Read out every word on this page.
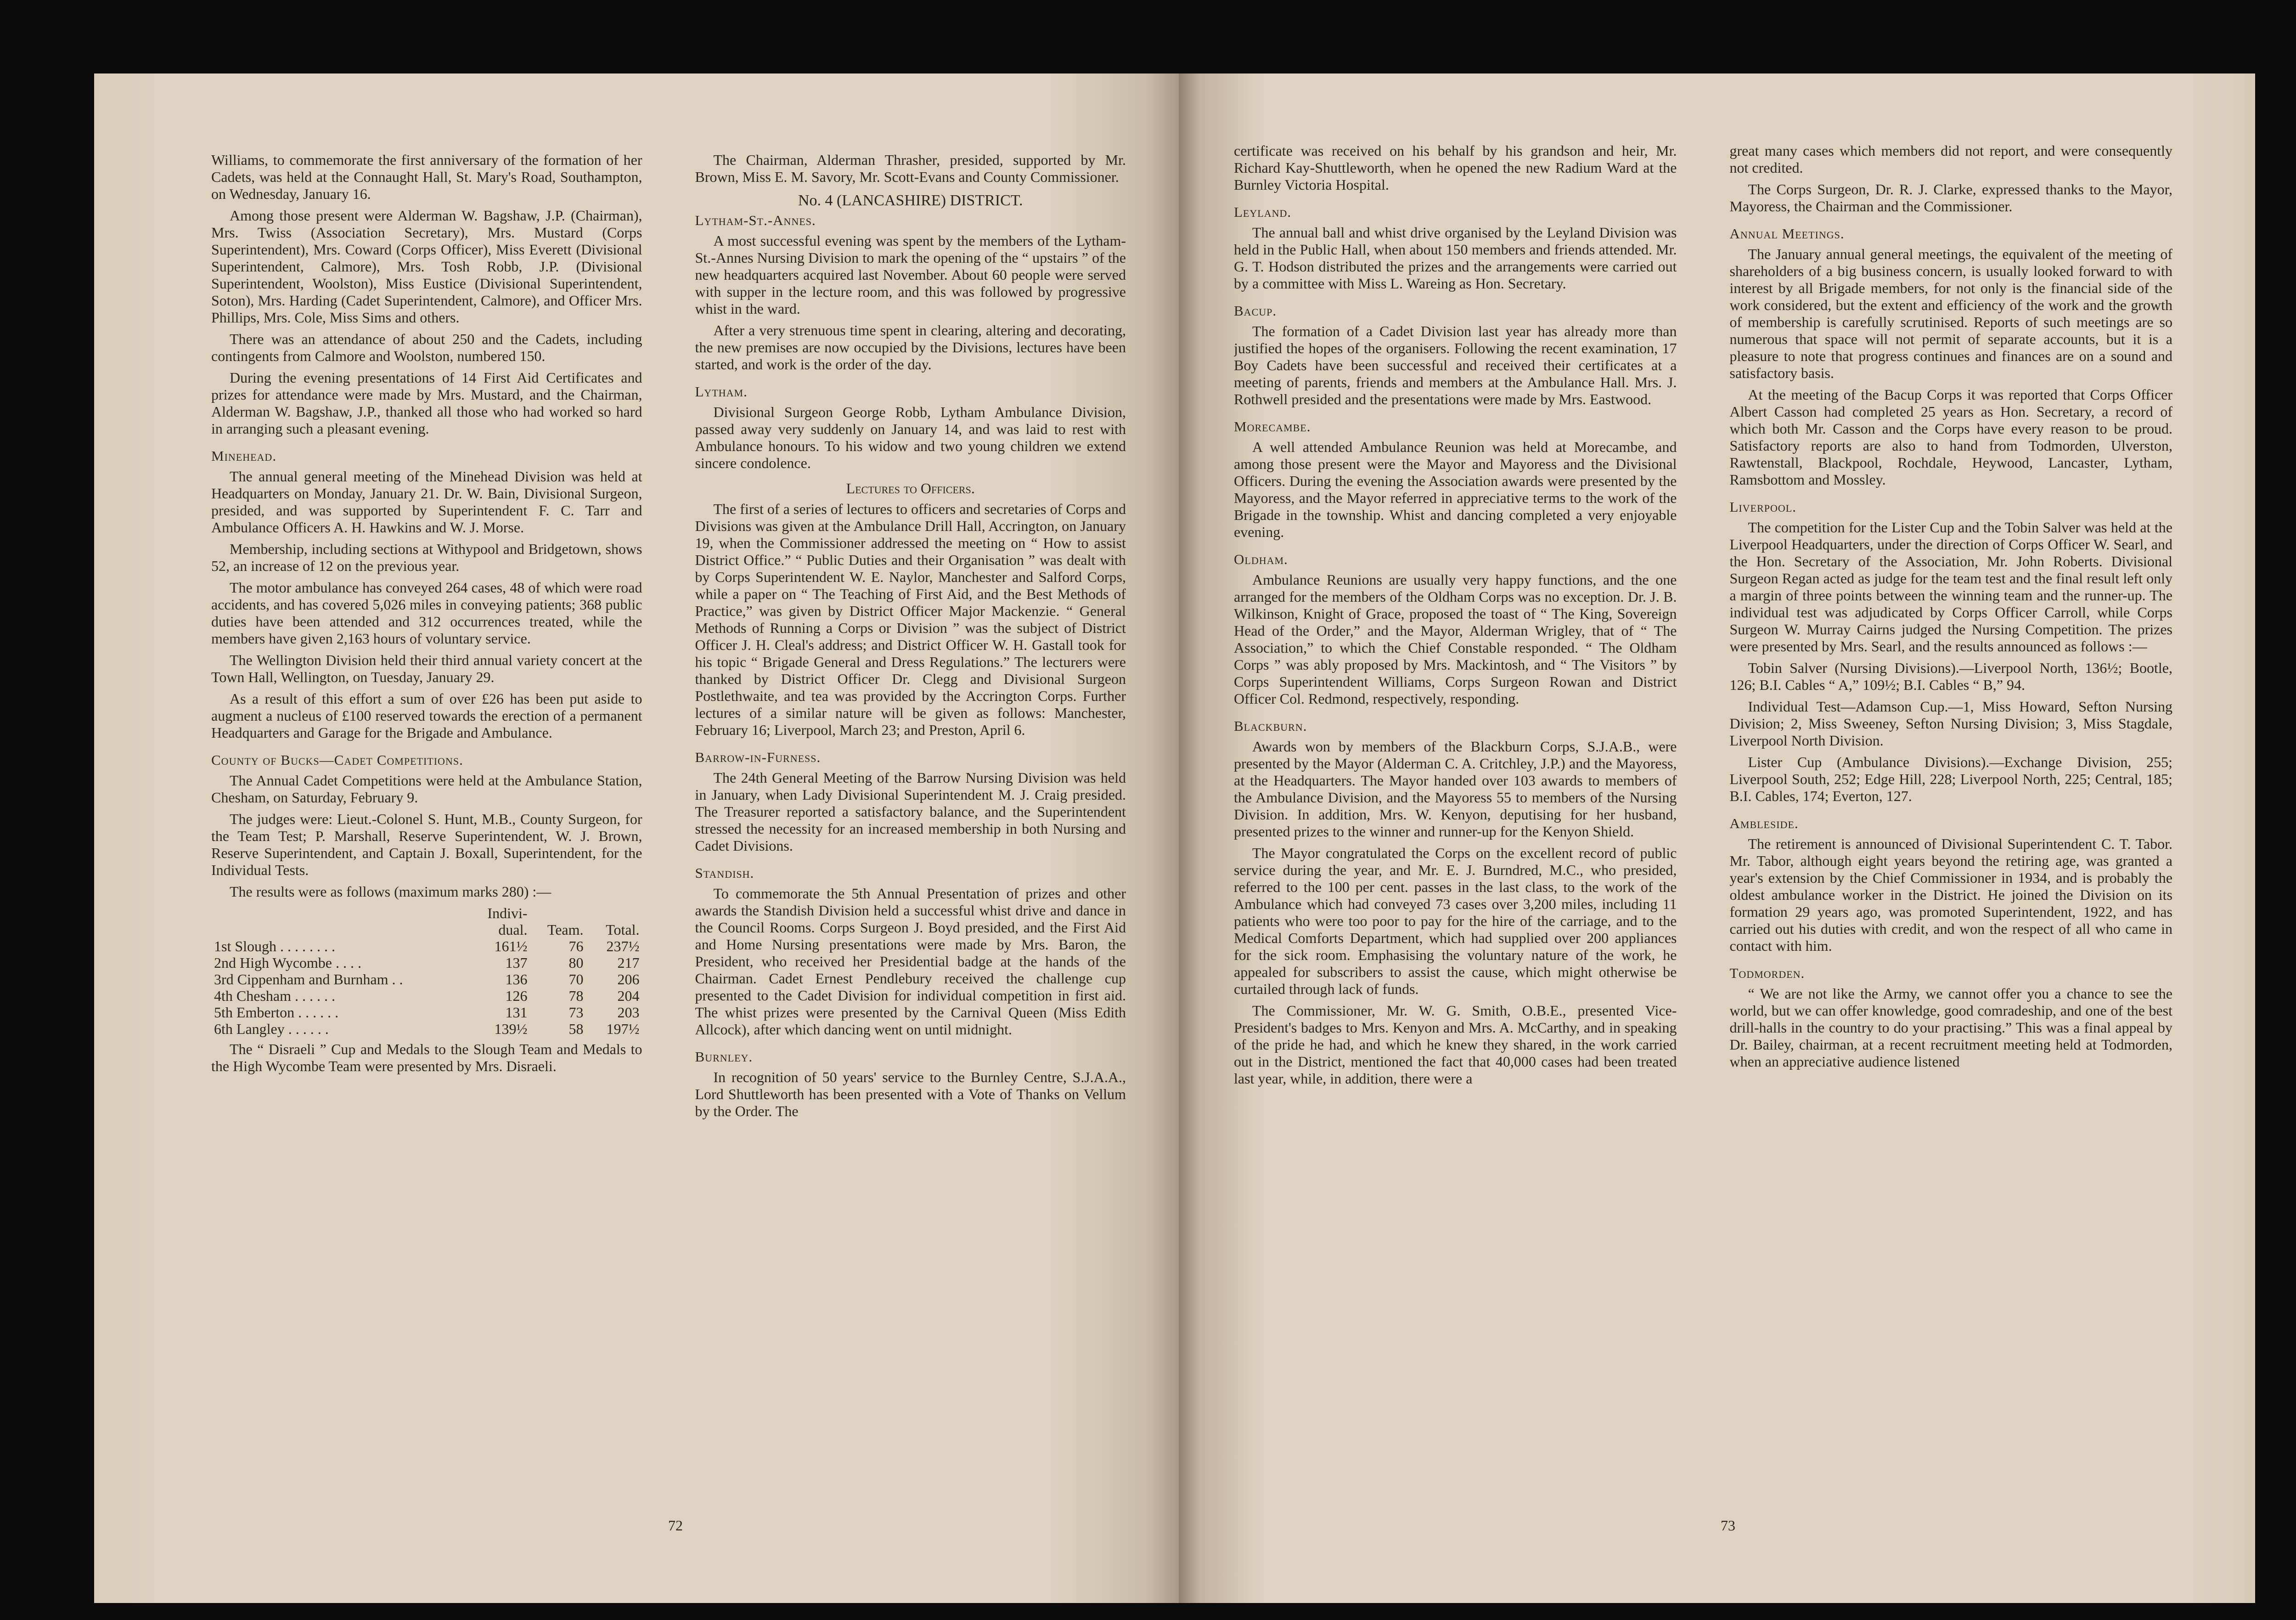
Williams, to commemorate the first anniversary of the formation of her Cadets, was held at the Connaught Hall, St. Mary's Road, Southampton, on Wednesday, January 16.

Among those present were Alderman W. Bagshaw, J.P. (Chairman), Mrs. Twiss (Association Secretary), Mrs. Mustard (Corps Superintendent), Mrs. Coward (Corps Officer), Miss Everett (Divisional Superintendent, Calmore), Mrs. Tosh Robb, J.P. (Divisional Superintendent, Woolston), Miss Eustice (Divisional Superintendent, Soton), Mrs. Harding (Cadet Superintendent, Calmore), and Officer Mrs. Phillips, Mrs. Cole, Miss Sims and others.

There was an attendance of about 250 and the Cadets, including contingents from Calmore and Woolston, numbered 150.

During the evening presentations of 14 First Aid Certificates and prizes for attendance were made by Mrs. Mustard, and the Chairman, Alderman W. Bagshaw, J.P., thanked all those who had worked so hard in arranging such a pleasant evening.

Minehead.

The annual general meeting of the Minehead Division was held at Headquarters on Monday, January 21. Dr. W. Bain, Divisional Surgeon, presided, and was supported by Superintendent F. C. Tarr and Ambulance Officers A. H. Hawkins and W. J. Morse.

Membership, including sections at Withypool and Bridgetown, shows 52, an increase of 12 on the previous year.

The motor ambulance has conveyed 264 cases, 48 of which were road accidents, and has covered 5,026 miles in conveying patients; 368 public duties have been attended and 312 occurrences treated, while the members have given 2,163 hours of voluntary service.

The Wellington Division held their third annual variety concert at the Town Hall, Wellington, on Tuesday, January 29.

As a result of this effort a sum of over £26 has been put aside to augment a nucleus of £100 reserved towards the erection of a permanent Headquarters and Garage for the Brigade and Ambulance.

County of Bucks—Cadet Competitions.

The Annual Cadet Competitions were held at the Ambulance Station, Chesham, on Saturday, February 9.

The judges were: Lieut.-Colonel S. Hunt, M.B., County Surgeon, for the Team Test; P. Marshall, Reserve Superintendent, W. J. Brown, Reserve Superintendent, and Captain J. Boxall, Superintendent, for the Individual Tests.

The results were as follows (maximum marks 280) :—

	Indivi-		
	dual.	Team.	Total.
1st Slough . . . . . . . .	161½	76	237½
2nd High Wycombe . . . .	137	80	217
3rd Cippenham and Burnham . .	136	70	206
4th Chesham . . . . . .	126	78	204
5th Emberton . . . . . .	131	73	203
6th Langley . . . . . .	139½	58	197½

The “ Disraeli ” Cup and Medals to the Slough Team and Medals to the High Wycombe Team were presented by Mrs. Disraeli.

The Chairman, Alderman Thrasher, presided, supported by Mr. Brown, Miss E. M. Savory, Mr. Scott-Evans and County Commissioner.

No. 4 (LANCASHIRE) DISTRICT.
Lytham-St.-Annes.

A most successful evening was spent by the members of the Lytham-St.-Annes Nursing Division to mark the opening of the “ upstairs ” of the new headquarters acquired last November. About 60 people were served with supper in the lecture room, and this was followed by progressive whist in the ward.

After a very strenuous time spent in clearing, altering and decorating, the new premises are now occupied by the Divisions, lectures have been started, and work is the order of the day.

Lytham.

Divisional Surgeon George Robb, Lytham Ambulance Division, passed away very suddenly on January 14, and was laid to rest with Ambulance honours. To his widow and two young children we extend sincere condolence.

Lectures to Officers.

The first of a series of lectures to officers and secretaries of Corps and Divisions was given at the Ambulance Drill Hall, Accrington, on January 19, when the Commissioner addressed the meeting on “ How to assist District Office.” “ Public Duties and their Organisation ” was dealt with by Corps Superintendent W. E. Naylor, Manchester and Salford Corps, while a paper on “ The Teaching of First Aid, and the Best Methods of Practice,” was given by District Officer Major Mackenzie. “ General Methods of Running a Corps or Division ” was the subject of District Officer J. H. Cleal's address; and District Officer W. H. Gastall took for his topic “ Brigade General and Dress Regulations.” The lecturers were thanked by District Officer Dr. Clegg and Divisional Surgeon Postlethwaite, and tea was provided by the Accrington Corps. Further lectures of a similar nature will be given as follows: Manchester, February 16; Liverpool, March 23; and Preston, April 6.

Barrow-in-Furness.

The 24th General Meeting of the Barrow Nursing Division was held in January, when Lady Divisional Superintendent M. J. Craig presided. The Treasurer reported a satisfactory balance, and the Superintendent stressed the necessity for an increased membership in both Nursing and Cadet Divisions.

Standish.

To commemorate the 5th Annual Presentation of prizes and other awards the Standish Division held a successful whist drive and dance in the Council Rooms. Corps Surgeon J. Boyd presided, and the First Aid and Home Nursing presentations were made by Mrs. Baron, the President, who received her Presidential badge at the hands of the Chairman. Cadet Ernest Pendlebury received the challenge cup presented to the Cadet Division for individual competition in first aid. The whist prizes were presented by the Carnival Queen (Miss Edith Allcock), after which dancing went on until midnight.

Burnley.

In recognition of 50 years' service to the Burnley Centre, S.J.A.A., Lord Shuttleworth has been presented with a Vote of Thanks on Vellum by the Order. The

72

certificate was received on his behalf by his grandson and heir, Mr. Richard Kay-Shuttleworth, when he opened the new Radium Ward at the Burnley Victoria Hospital.

Leyland.

The annual ball and whist drive organised by the Leyland Division was held in the Public Hall, when about 150 members and friends attended. Mr. G. T. Hodson distributed the prizes and the arrangements were carried out by a committee with Miss L. Wareing as Hon. Secretary.

Bacup.

The formation of a Cadet Division last year has already more than justified the hopes of the organisers. Following the recent examination, 17 Boy Cadets have been successful and received their certificates at a meeting of parents, friends and members at the Ambulance Hall. Mrs. J. Rothwell presided and the presentations were made by Mrs. Eastwood.

Morecambe.

A well attended Ambulance Reunion was held at Morecambe, and among those present were the Mayor and Mayoress and the Divisional Officers. During the evening the Association awards were presented by the Mayoress, and the Mayor referred in appreciative terms to the work of the Brigade in the township. Whist and dancing completed a very enjoyable evening.

Oldham.

Ambulance Reunions are usually very happy functions, and the one arranged for the members of the Oldham Corps was no exception. Dr. J. B. Wilkinson, Knight of Grace, proposed the toast of “ The King, Sovereign Head of the Order,” and the Mayor, Alderman Wrigley, that of “ The Association,” to which the Chief Constable responded. “ The Oldham Corps ” was ably proposed by Mrs. Mackintosh, and “ The Visitors ” by Corps Superintendent Williams, Corps Surgeon Rowan and District Officer Col. Redmond, respectively, responding.

Blackburn.

Awards won by members of the Blackburn Corps, S.J.A.B., were presented by the Mayor (Alderman C. A. Critchley, J.P.) and the Mayoress, at the Headquarters. The Mayor handed over 103 awards to members of the Ambulance Division, and the Mayoress 55 to members of the Nursing Division. In addition, Mrs. W. Kenyon, deputising for her husband, presented prizes to the winner and runner-up for the Kenyon Shield.

The Mayor congratulated the Corps on the excellent record of public service during the year, and Mr. E. J. Burndred, M.C., who presided, referred to the 100 per cent. passes in the last class, to the work of the Ambulance which had conveyed 73 cases over 3,200 miles, including 11 patients who were too poor to pay for the hire of the carriage, and to the Medical Comforts Department, which had supplied over 200 appliances for the sick room. Emphasising the voluntary nature of the work, he appealed for subscribers to assist the cause, which might otherwise be curtailed through lack of funds.

The Commissioner, Mr. W. G. Smith, O.B.E., presented Vice-President's badges to Mrs. Kenyon and Mrs. A. McCarthy, and in speaking of the pride he had, and which he knew they shared, in the work carried out in the District, mentioned the fact that 40,000 cases had been treated last year, while, in addition, there were a

great many cases which members did not report, and were consequently not credited.

The Corps Surgeon, Dr. R. J. Clarke, expressed thanks to the Mayor, Mayoress, the Chairman and the Commissioner.

Annual Meetings.

The January annual general meetings, the equivalent of the meeting of shareholders of a big business concern, is usually looked forward to with interest by all Brigade members, for not only is the financial side of the work considered, but the extent and efficiency of the work and the growth of membership is carefully scrutinised. Reports of such meetings are so numerous that space will not permit of separate accounts, but it is a pleasure to note that progress continues and finances are on a sound and satisfactory basis.

At the meeting of the Bacup Corps it was reported that Corps Officer Albert Casson had completed 25 years as Hon. Secretary, a record of which both Mr. Casson and the Corps have every reason to be proud. Satisfactory reports are also to hand from Todmorden, Ulverston, Rawtenstall, Blackpool, Rochdale, Heywood, Lancaster, Lytham, Ramsbottom and Mossley.

Liverpool.

The competition for the Lister Cup and the Tobin Salver was held at the Liverpool Headquarters, under the direction of Corps Officer W. Searl, and the Hon. Secretary of the Association, Mr. John Roberts. Divisional Surgeon Regan acted as judge for the team test and the final result left only a margin of three points between the winning team and the runner-up. The individual test was adjudicated by Corps Officer Carroll, while Corps Surgeon W. Murray Cairns judged the Nursing Competition. The prizes were presented by Mrs. Searl, and the results announced as follows :—

Tobin Salver (Nursing Divisions).—Liverpool North, 136½; Bootle, 126; B.I. Cables “ A,” 109½; B.I. Cables “ B,” 94.

Individual Test—Adamson Cup.—1, Miss Howard, Sefton Nursing Division; 2, Miss Sweeney, Sefton Nursing Division; 3, Miss Stagdale, Liverpool North Division.

Lister Cup (Ambulance Divisions).—Exchange Division, 255; Liverpool South, 252; Edge Hill, 228; Liverpool North, 225; Central, 185; B.I. Cables, 174; Everton, 127.

Ambleside.

The retirement is announced of Divisional Superintendent C. T. Tabor. Mr. Tabor, although eight years beyond the retiring age, was granted a year's extension by the Chief Commissioner in 1934, and is probably the oldest ambulance worker in the District. He joined the Division on its formation 29 years ago, was promoted Superintendent, 1922, and has carried out his duties with credit, and won the respect of all who came in contact with him.

Todmorden.

“ We are not like the Army, we cannot offer you a chance to see the world, but we can offer knowledge, good comradeship, and one of the best drill-halls in the country to do your practising.” This was a final appeal by Dr. Bailey, chairman, at a recent recruitment meeting held at Todmorden, when an appreciative audience listened

73
